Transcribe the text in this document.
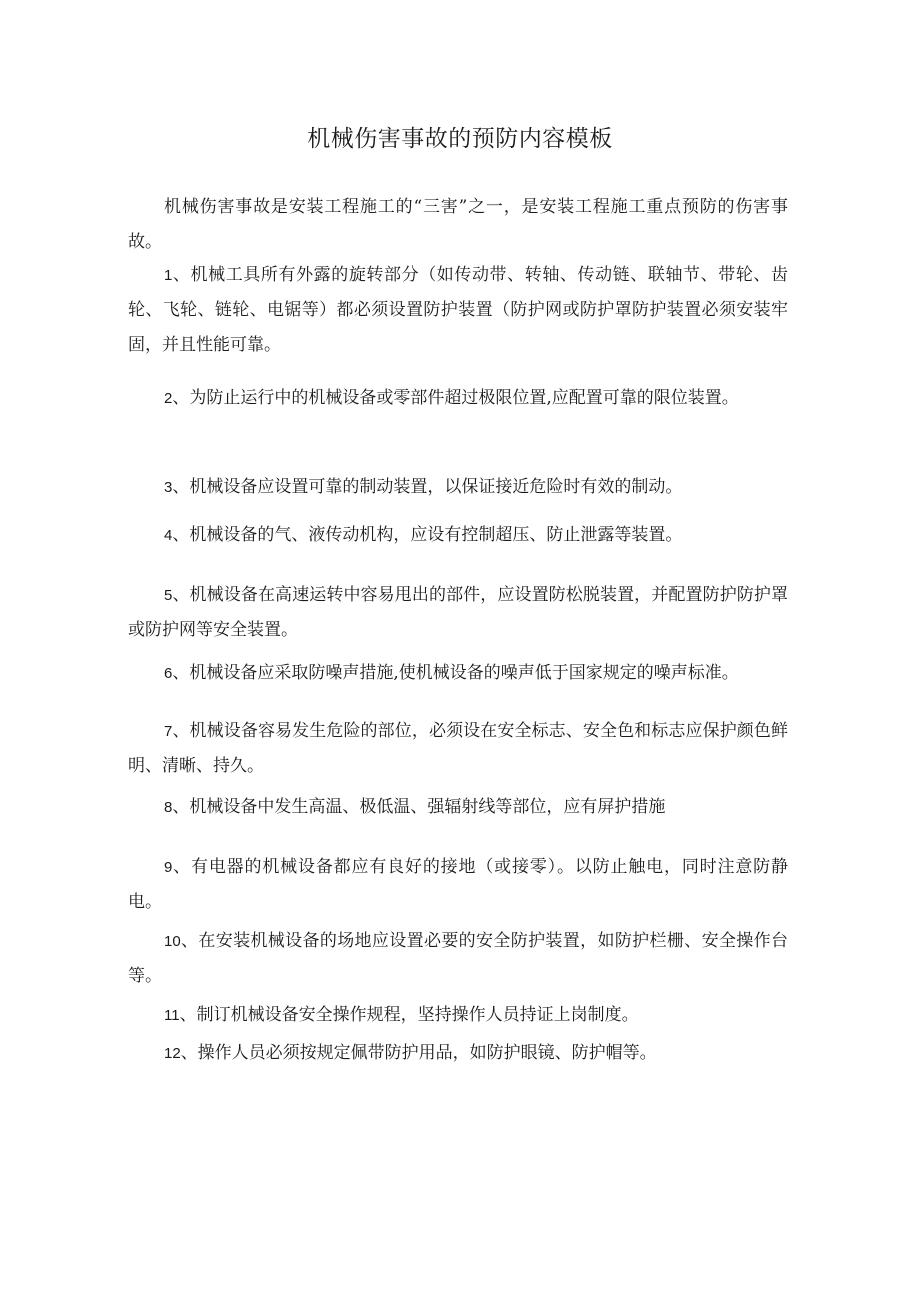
机械伤害事故的预防内容模板

机械伤害事故是安装工程施工的“三害”之一，是安装工程施工重点预防的伤害事故。

1、机械工具所有外露的旋转部分（如传动带、转轴、传动链、联轴节、带轮、齿轮、飞轮、链轮、电锯等）都必须设置防护装置（防护网或防护罩防护装置必须安装牢固，并且性能可靠。

2、为防止运行中的机械设备或零部件超过极限位置,应配置可靠的限位装置。

3、机械设备应设置可靠的制动装置，以保证接近危险时有效的制动。

4、机械设备的气、液传动机构，应设有控制超压、防止泄露等装置。

5、机械设备在高速运转中容易甩出的部件，应设置防松脱装置，并配置防护防护罩或防护网等安全装置。

6、机械设备应采取防噪声措施,使机械设备的噪声低于国家规定的噪声标准。

7、机械设备容易发生危险的部位，必须设在安全标志、安全色和标志应保护颜色鲜明、清晰、持久。

8、机械设备中发生高温、极低温、强辐射线等部位，应有屏护措施

9、有电器的机械设备都应有良好的接地（或接零）。以防止触电，同时注意防静电。

10、在安装机械设备的场地应设置必要的安全防护装置，如防护栏栅、安全操作台等。

11、制订机械设备安全操作规程，坚持操作人员持证上岗制度。

12、操作人员必须按规定佩带防护用品，如防护眼镜、防护帽等。
